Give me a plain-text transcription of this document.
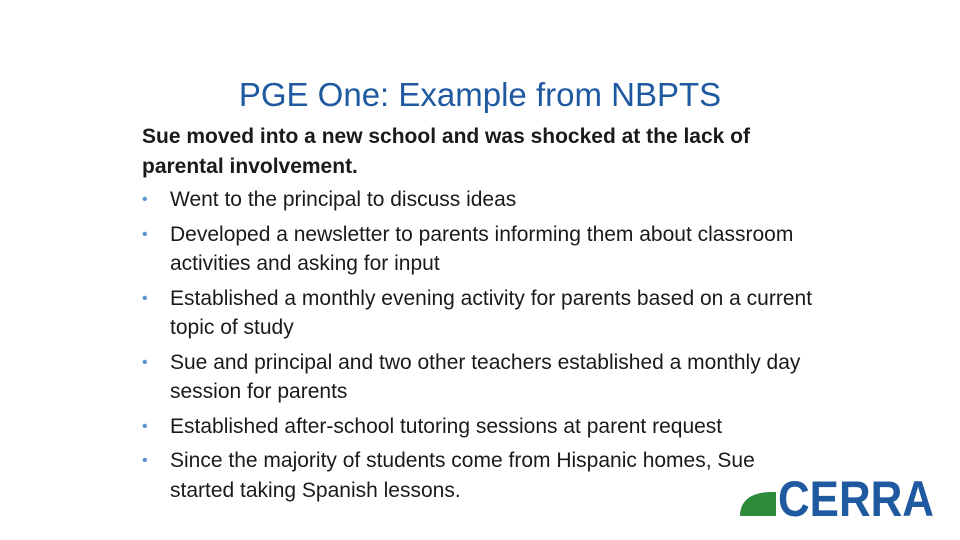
PGE One: Example from NBPTS
Sue moved into a new school and was shocked at the lack of parental involvement.
•	Went to the principal to discuss ideas
•	Developed a newsletter to parents informing them about classroom activities and asking for input
•	Established a monthly evening activity for parents based on a current topic of study
•	Sue and principal and two other teachers established a monthly day session for parents
•	Established after-school tutoring sessions at parent request
•	Since the majority of students come from Hispanic homes, Sue started taking Spanish lessons.	CERRA
